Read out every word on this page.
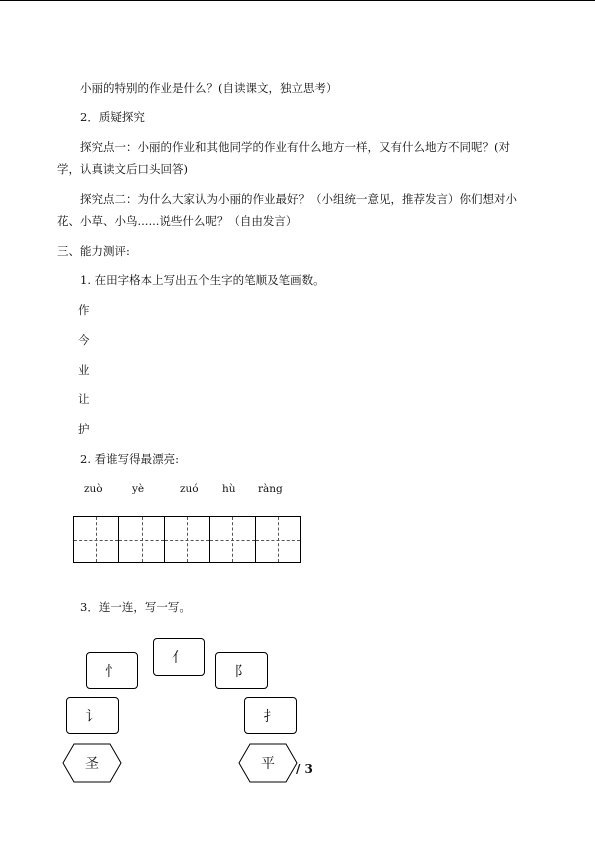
小丽的特别的作业是什么？(自读课文，独立思考）
2．质疑探究
探究点一：小丽的作业和其他同学的作业有什么地方一样，又有什么地方不同呢？(对
学，认真读文后口头回答)
探究点二：为什么大家认为小丽的作业最好？（小组统一意见，推荐发言）你们想对小
花、小草、小鸟......说些什么呢？（自由发言）
三、能力测评:
1. 在田字格本上写出五个生字的笔顺及笔画数。
作
今
业
让
护
2. 看谁写得最漂亮:
zuò	yè	zuó hù ràng
3．连一连，写一写。
亻
忄	阝
讠	扌
圣	平	/ 3
